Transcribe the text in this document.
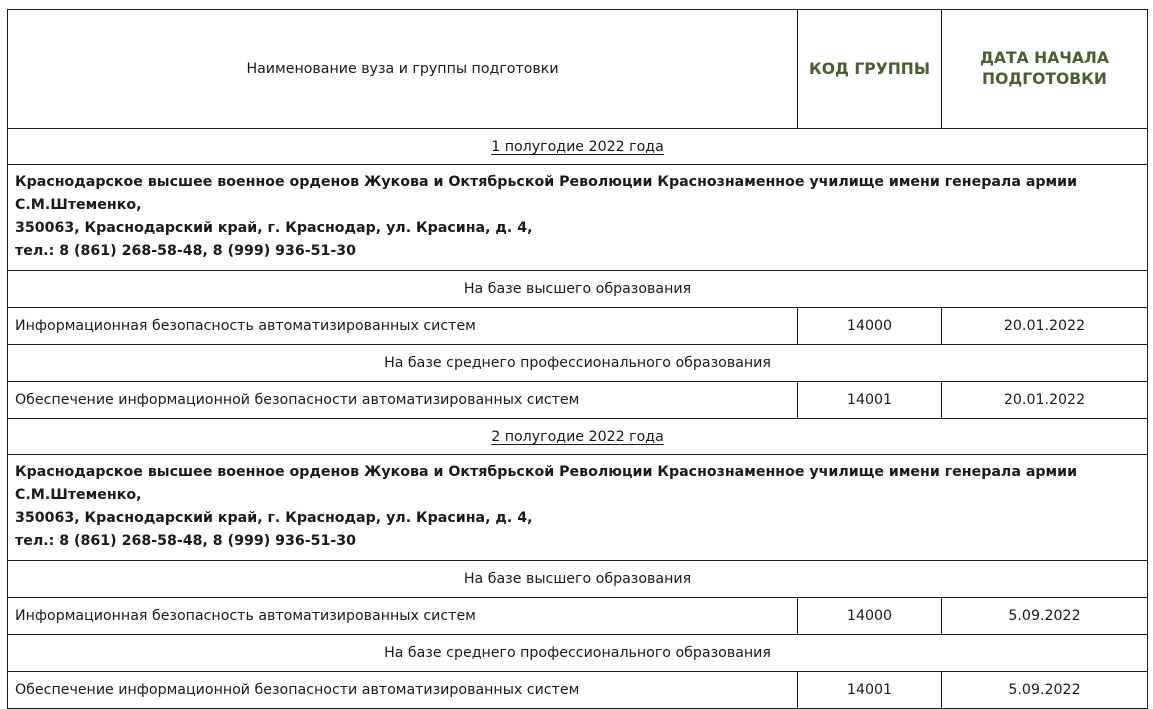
Наименование вуза и группы подготовки	КОД ГРУППЫ	ДАТА НАЧАЛА
ПОДГОТОВКИ
1 полугодие 2022 года		

Краснодарское высшее военное орденов Жукова и Октябрьской Революции Краснознаменное училище имени генерала армии С.М.Штеменко,
350063, Краснодарский край, г. Краснодар, ул. Красина, д. 4,
тел.: 8 (861) 268-58-48, 8 (999) 936-51-30		

На базе высшего образования		
Информационная безопасность автоматизированных систем	14000	20.01.2022
На базе среднего профессионального образования		
Обеспечение информационной безопасности автоматизированных систем	14001	20.01.2022
2 полугодие 2022 года		

Краснодарское высшее военное орденов Жукова и Октябрьской Революции Краснознаменное училище имени генерала армии С.М.Штеменко,
350063, Краснодарский край, г. Краснодар, ул. Красина, д. 4,
тел.: 8 (861) 268-58-48, 8 (999) 936-51-30		

На базе высшего образования		
Информационная безопасность автоматизированных систем	14000	5.09.2022
На базе среднего профессионального образования		
Обеспечение информационной безопасности автоматизированных систем	14001	5.09.2022
